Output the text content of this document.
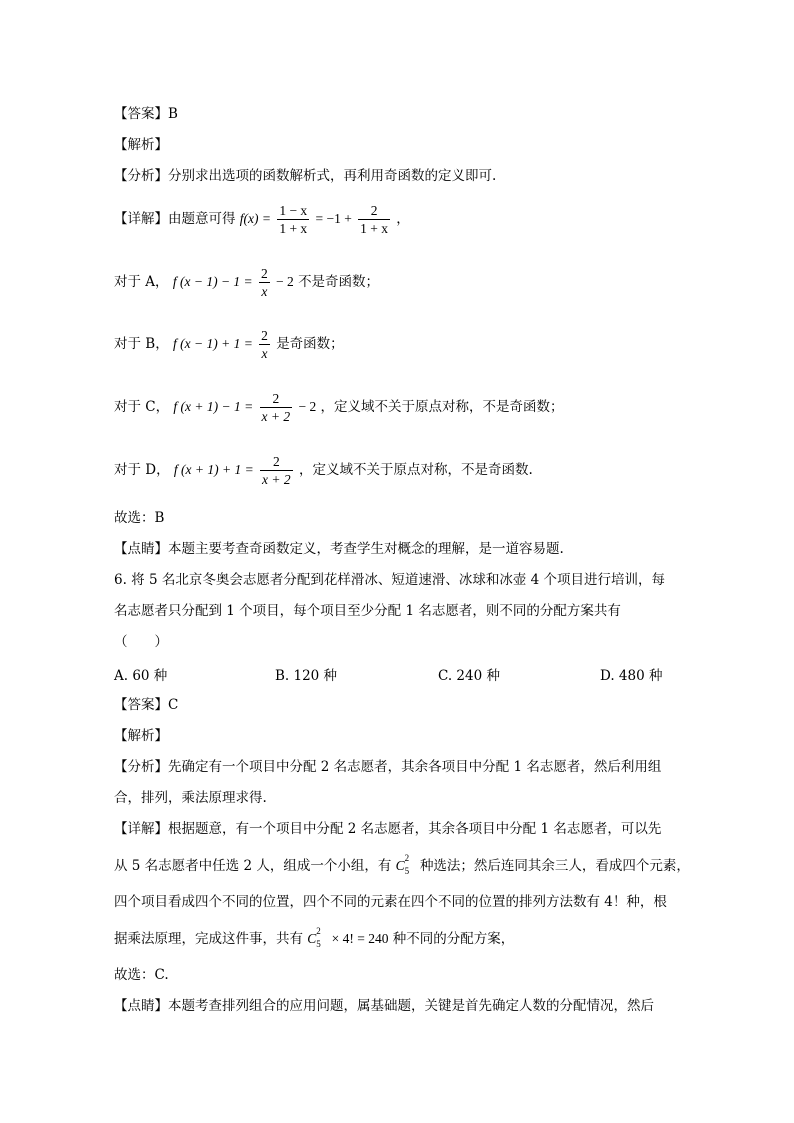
【答案】B
【解析】
【分析】分别求出选项的函数解析式，再利用奇函数的定义即可.
【详解】由题意可得 $f(x) = \frac{1 - x}{1 + x} = -1 + \frac{2}{1 + x}$ ，
对于 A， f $(x - 1) - 1 = \frac{2}{x} - 2$ 不是奇函数；
对于 B， f $(x - 1) + 1 = \frac{2}{x}$ 是奇函数；
对于 C， f $(x + 1) - 1 = \frac{2}{x + 2} - 2$ ，定义域不关于原点对称，不是奇函数；
对于 D， f $(x + 1) + 1 = \frac{2}{x + 2}$ ，定义域不关于原点对称，不是奇函数.
故选：B
【点睛】本题主要考查奇函数定义，考查学生对概念的理解，是一道容易题.
6. 将 5 名北京冬奥会志愿者分配到花样滑冰、短道速滑、冰球和冰壶 4 个项目进行培训，每
名志愿者只分配到 1 个项目，每个项目至少分配 1 名志愿者，则不同的分配方案共有
（　　）
A. 60 种	B. 120 种	C. 240 种	D. 480 种
【答案】C
【解析】
【分析】先确定有一个项目中分配 2 名志愿者，其余各项目中分配 1 名志愿者，然后利用组
合，排列，乘法原理求得.
【详解】根据题意，有一个项目中分配 2 名志愿者，其余各项目中分配 1 名志愿者，可以先
从 5 名志愿者中任选 2 人，组成一个小组，有 C 2
5 种选法；然后连同其余三人，看成四个元素，
四个项目看成四个不同的位置，四个不同的元素在四个不同的位置的排列方法数有 4！种，根
据乘法原理，完成这件事，共有 C 2
5 × 4! = 240 种不同的分配方案，
故选：C.
【点睛】本题考查排列组合的应用问题，属基础题，关键是首先确定人数的分配情况，然后
